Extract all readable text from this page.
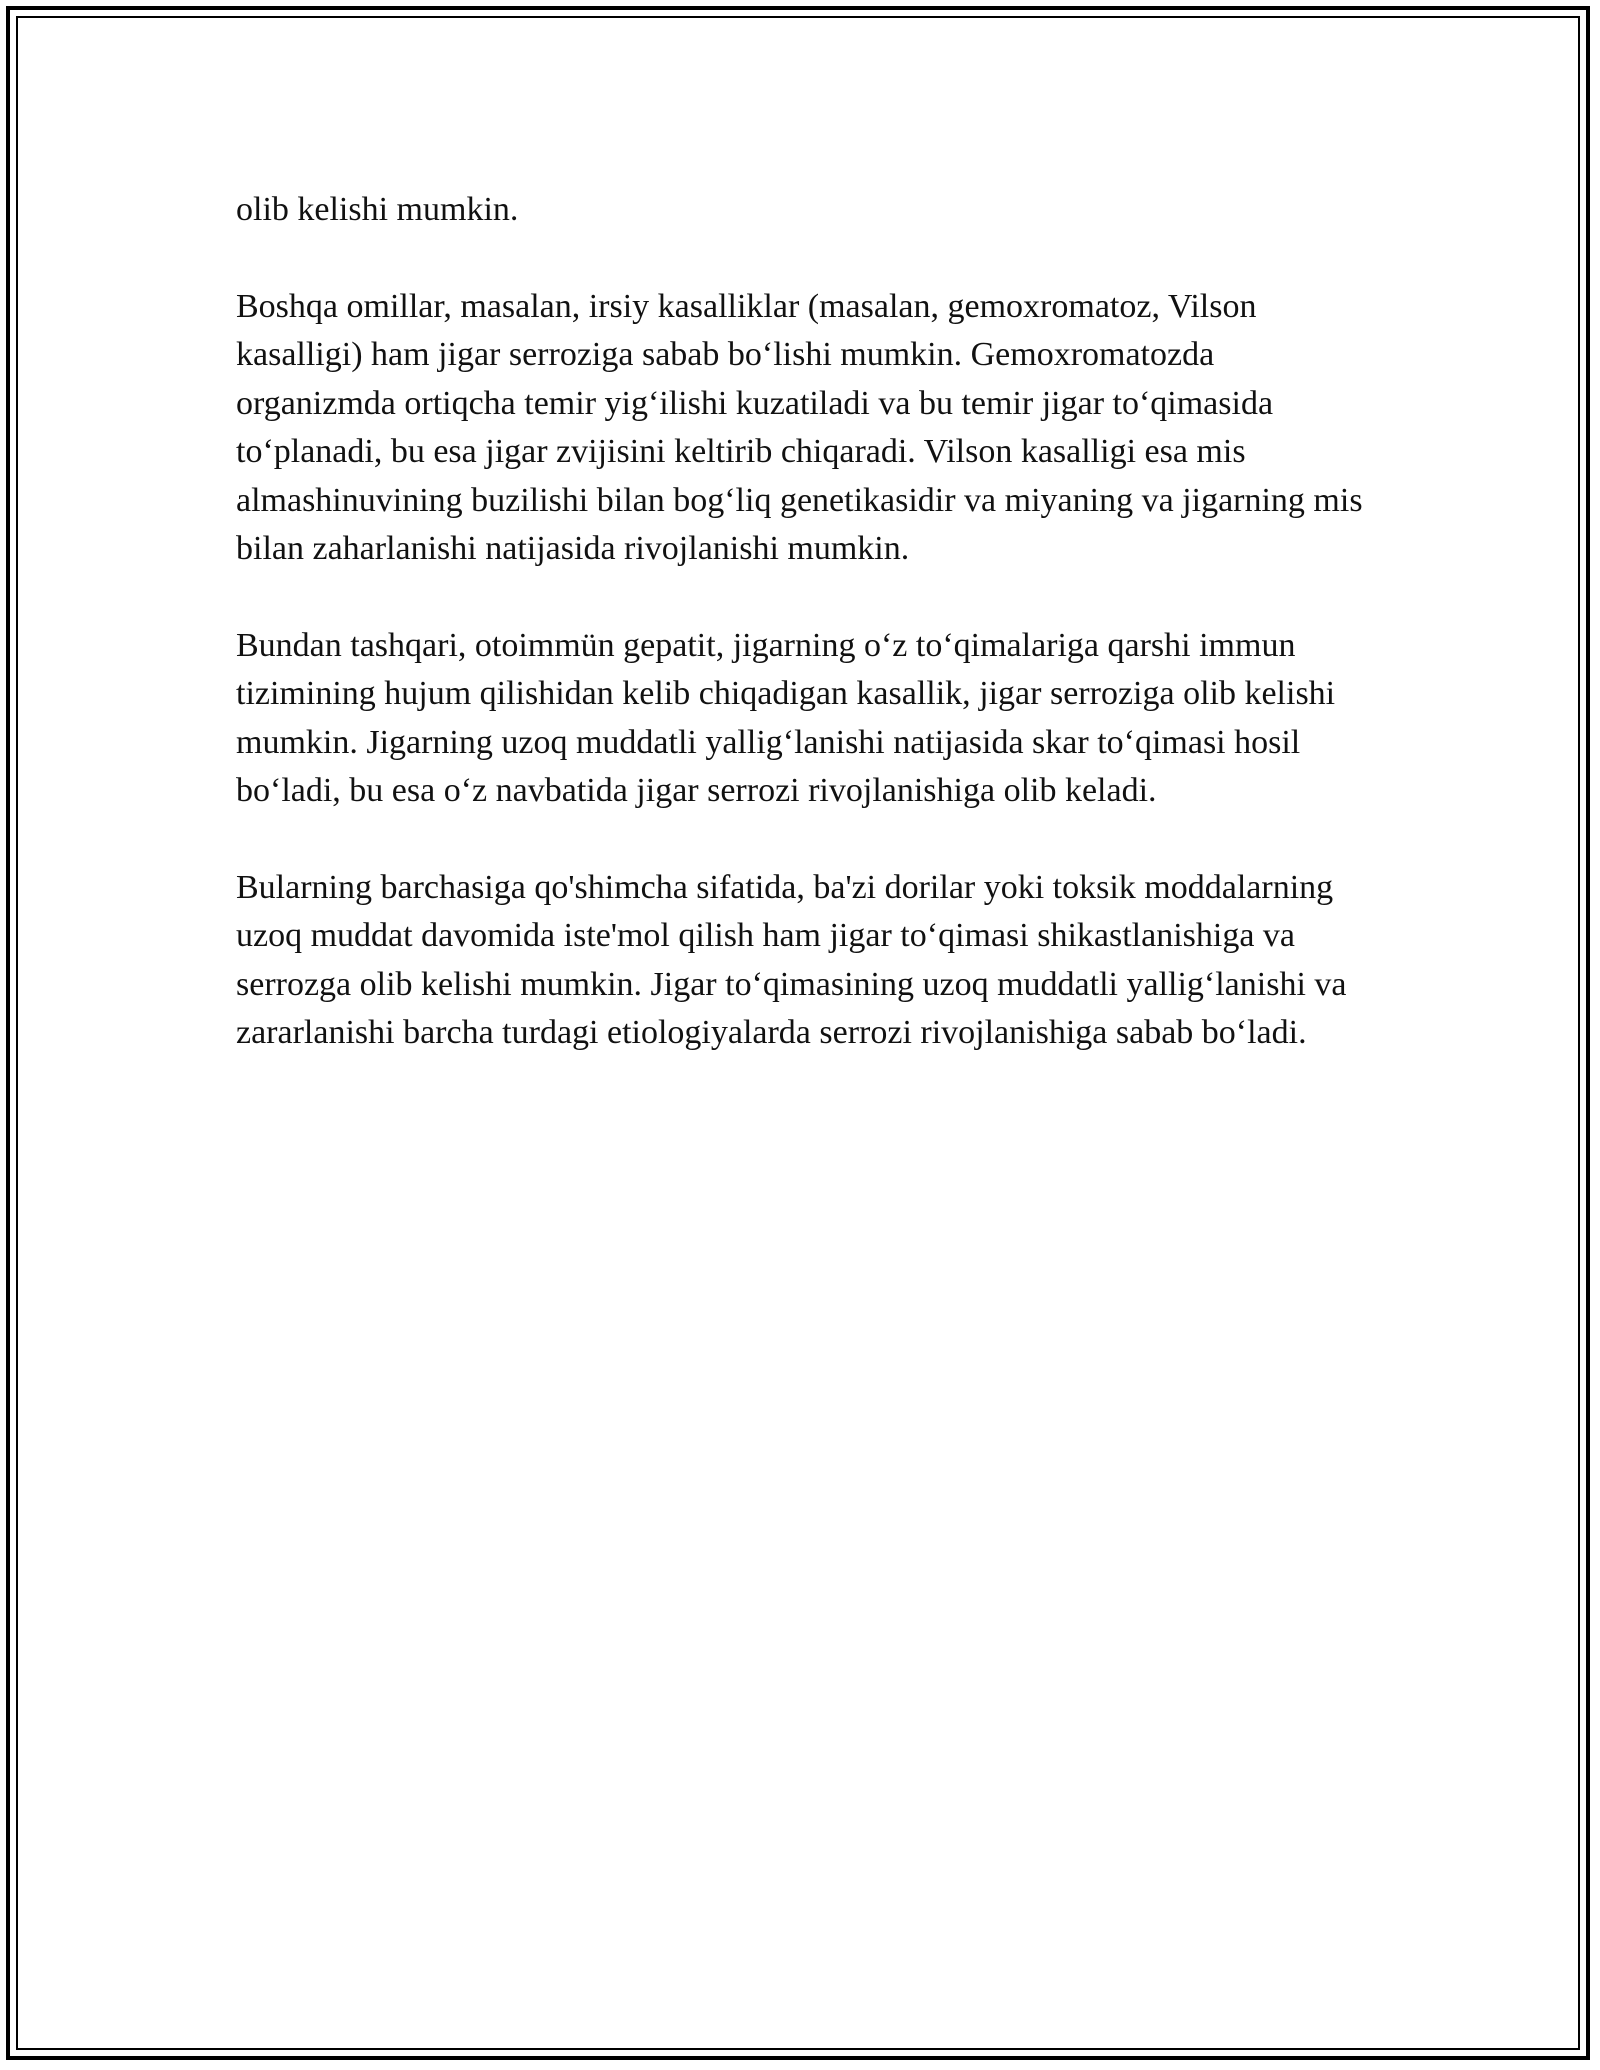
olib kelishi mumkin.

Boshqa omillar, masalan, irsiy kasalliklar (masalan, gemoxromatoz, Vilson kasalligi) ham jigar serroziga sabab bo‘lishi mumkin. Gemoxromatozda organizmda ortiqcha temir yig‘ilishi kuzatiladi va bu temir jigar to‘qimasida to‘planadi, bu esa jigar zvijisini keltirib chiqaradi. Vilson kasalligi esa mis almashinuvining buzilishi bilan bog‘liq genetikasidir va miyaning va jigarning mis bilan zaharlanishi natijasida rivojlanishi mumkin.

Bundan tashqari, otoimmün gepatit, jigarning o‘z to‘qimalariga qarshi immun tizimining hujum qilishidan kelib chiqadigan kasallik, jigar serroziga olib kelishi mumkin. Jigarning uzoq muddatli yallig‘lanishi natijasida skar to‘qimasi hosil bo‘ladi, bu esa o‘z navbatida jigar serrozi rivojlanishiga olib keladi.

Bularning barchasiga qo'shimcha sifatida, ba'zi dorilar yoki toksik moddalarning uzoq muddat davomida iste'mol qilish ham jigar to‘qimasi shikastlanishiga va serrozga olib kelishi mumkin. Jigar to‘qimasining uzoq muddatli yallig‘lanishi va zararlanishi barcha turdagi etiologiyalarda serrozi rivojlanishiga sabab bo‘ladi.
